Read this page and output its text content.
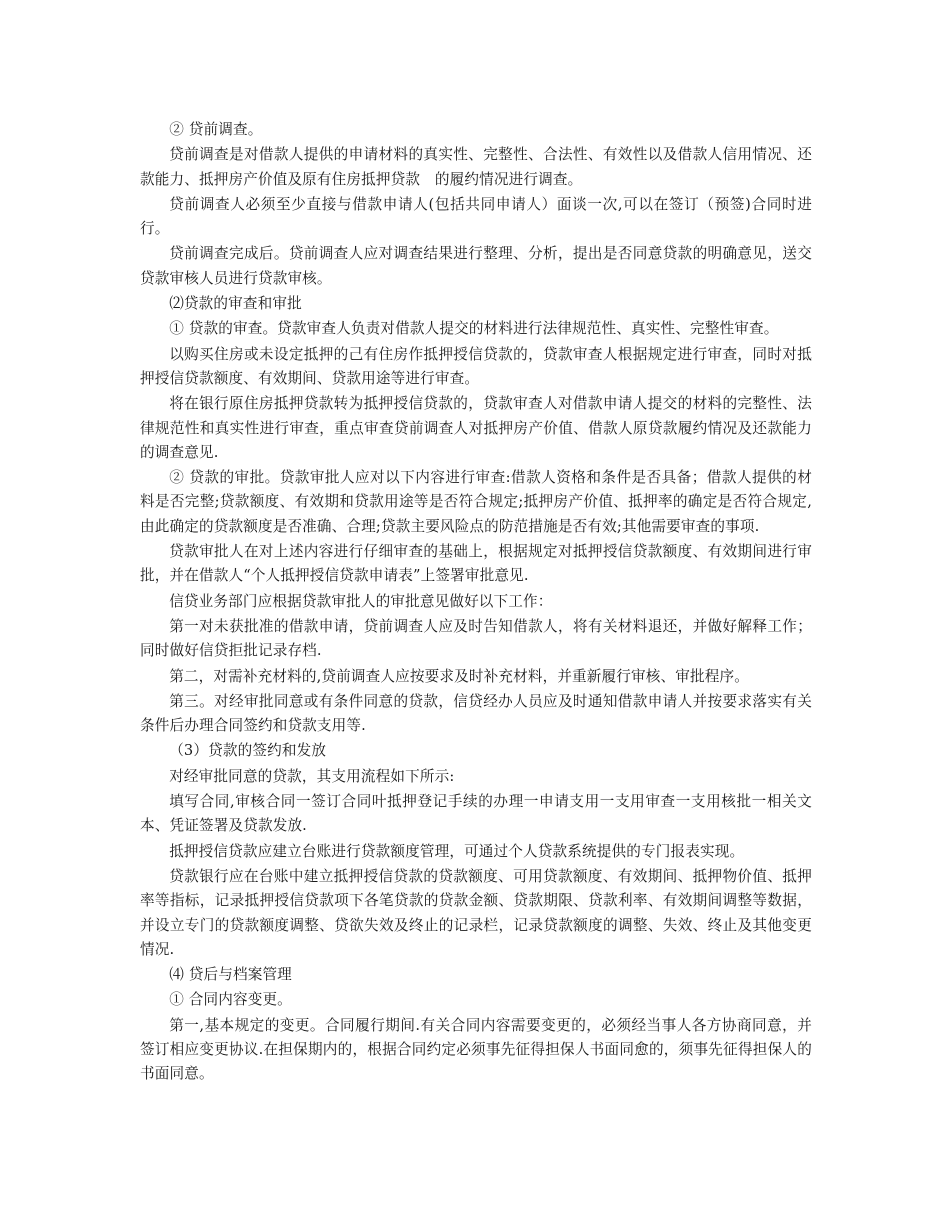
② 贷前调查。

贷前调查是对借款人提供的申请材料的真实性、完整性、合法性、有效性以及借款人信用情况、还款能力、抵押房产价值及原有住房抵押贷款　的履约情况进行调查。

贷前调查人必须至少直接与借款申请人(包括共同申请人）面谈一次,可以在签订（预签)合同时进行。

贷前调查完成后。贷前调查人应对调查结果进行整理、分析，提出是否同意贷款的明确意见，送交贷款审核人员进行贷款审核。

⑵贷款的审查和审批

① 贷款的审查。贷款审查人负责对借款人提交的材料进行法律规范性、真实性、完整性审查。

以购买住房或未设定抵押的己有住房作抵押授信贷款的，贷款审查人根据规定进行审查，同时对抵押授信贷款额度、有效期间、贷款用途等进行审查。

将在银行原住房抵押贷款转为抵押授信贷款的，贷款审查人对借款申请人提交的材料的完整性、法律规范性和真实性进行审查，重点审查贷前调查人对抵押房产价值、借款人原贷款履约情况及还款能力的调查意见.

② 贷款的审批。贷款审批人应对以下内容进行审查:借款人资格和条件是否具备；借款人提供的材料是否完整;贷款额度、有效期和贷款用途等是否符合规定;抵押房产价值、抵押率的确定是否符合规定,由此确定的贷款额度是否准确、合理;贷款主要风险点的防范措施是否有效;其他需要审查的事项.

贷款审批人在对上述内容进行仔细审查的基础上，根据规定对抵押授信贷款额度、有效期间进行审批，并在借款人“个人抵押授信贷款申请表”上签署审批意见.

信贷业务部门应根据贷款审批人的审批意见做好以下工作：

第一对未获批准的借款申请，贷前调查人应及时告知借款人，将有关材料退还，并做好解释工作；同时做好信贷拒批记录存档.

第二，对需补充材料的,贷前调查人应按要求及时补充材料，并重新履行审核、审批程序。

第三。对经审批同意或有条件同意的贷款，信贷经办人员应及时通知借款申请人并按要求落实有关条件后办理合同签约和贷款支用等.

（3）贷款的签约和发放

对经审批同意的贷款，其支用流程如下所示:

填写合同,审核合同一签订合同叶抵押登记手续的办理一申请支用一支用审查一支用核批一相关文本、凭证签署及贷款发放.

抵押授信贷款应建立台账进行贷款额度管理，可通过个人贷款系统提供的专门报表实现。

贷款银行应在台账中建立抵押授信贷款的贷款额度、可用贷款额度、有效期间、抵押物价值、抵押率等指标，记录抵押授信贷款项下各笔贷款的贷款金额、贷款期限、贷款利率、有效期间调整等数据，并设立专门的贷款额度调整、贷欲失效及终止的记录栏，记录贷款额度的调整、失效、终止及其他变更情况.

⑷ 贷后与档案管理

① 合同内容变更。

第一,基本规定的变更。合同履行期间.有关合同内容需要变更的，必须经当事人各方协商同意，并签订相应变更协议.在担保期内的，根据合同约定必须事先征得担保人书面同愈的，须事先征得担保人的书面同意。
